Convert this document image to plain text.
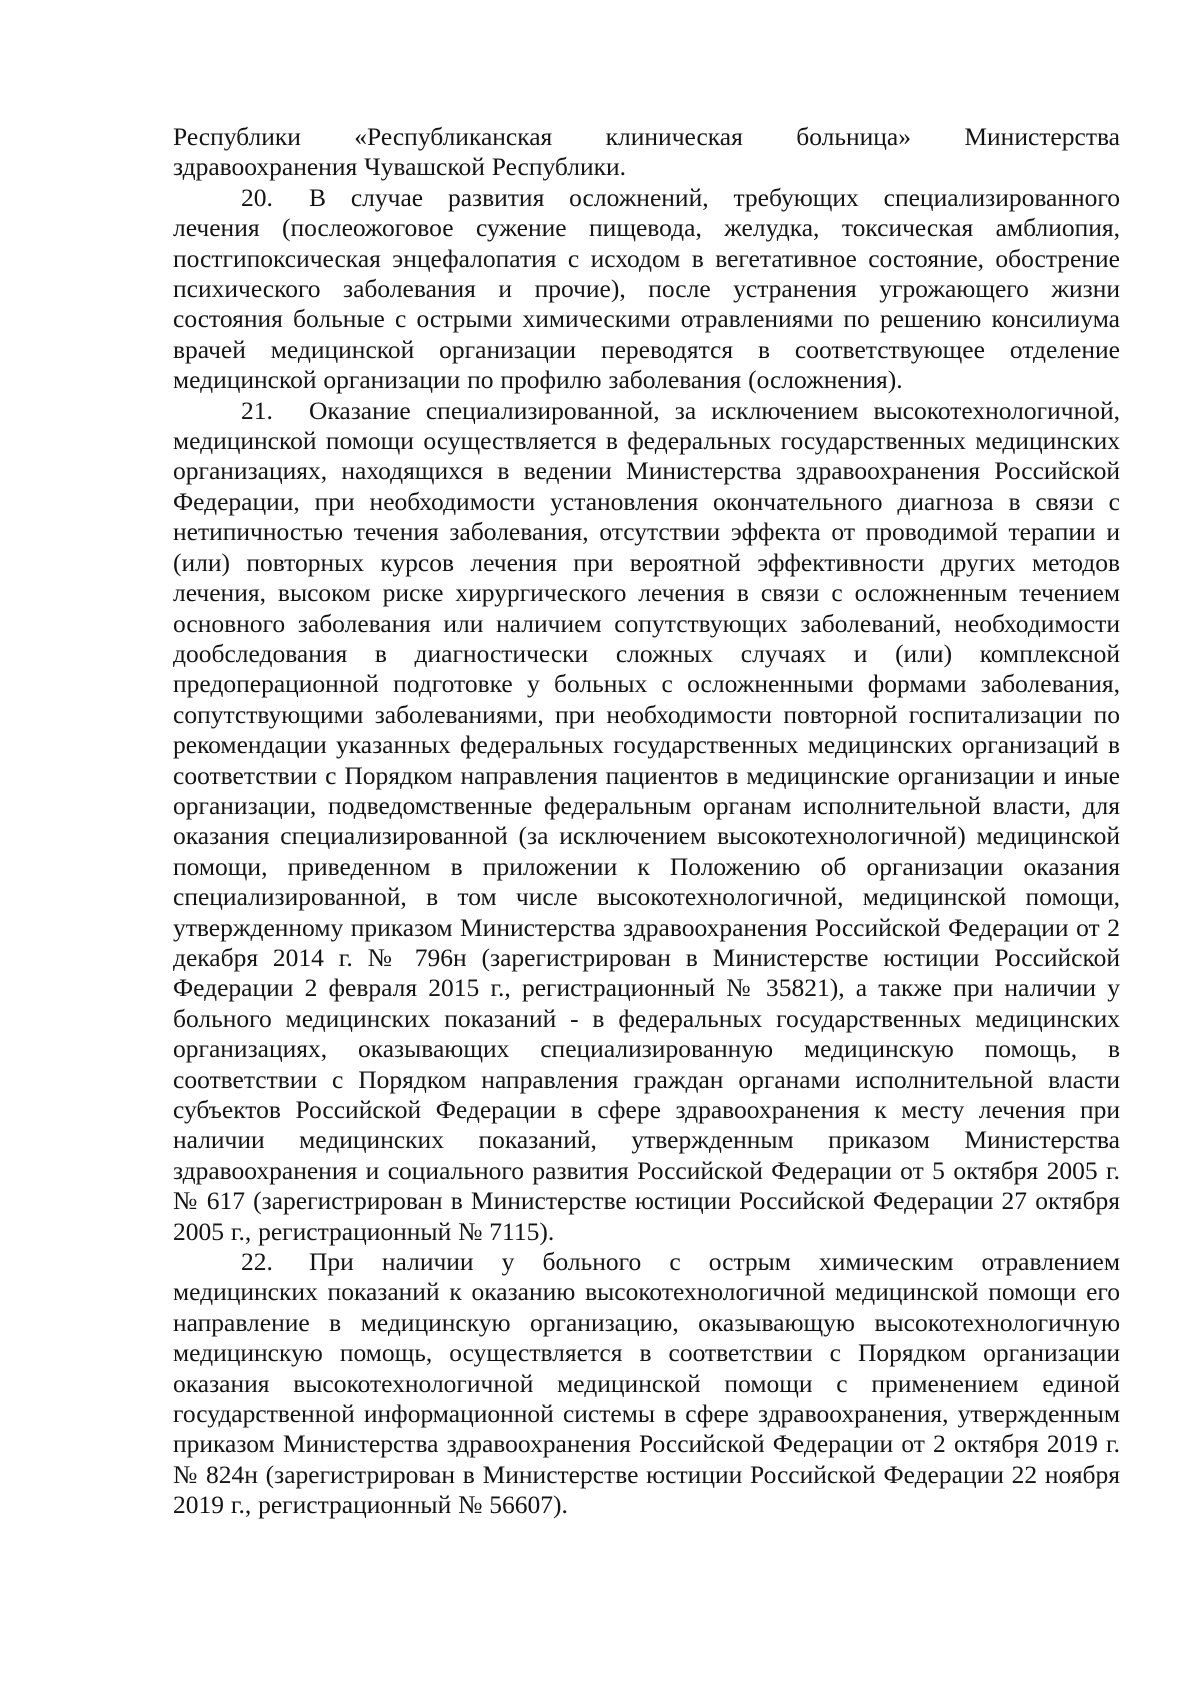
Республики «Республиканская клиническая больница» Министерства здравоохранения Чувашской Республики.

20. В случае развития осложнений, требующих специализированного лечения (послеожоговое сужение пищевода, желудка, токсическая амблиопия, постгипоксическая энцефалопатия с исходом в вегетативное состояние, обострение психического заболевания и прочие), после устранения угрожающего жизни состояния больные с острыми химическими отравлениями по решению консилиума врачей медицинской организации переводятся в соответствующее отделение медицинской организации по профилю заболевания (осложнения).

21. Оказание специализированной, за исключением высокотехнологичной, медицинской помощи осуществляется в федеральных государственных медицинских организациях, находящихся в ведении Министерства здравоохранения Российской Федерации, при необходимости установления окончательного диагноза в связи с нетипичностью течения заболевания, отсутствии эффекта от проводимой терапии и (или) повторных курсов лечения при вероятной эффективности других методов лечения, высоком риске хирургического лечения в связи с осложненным течением основного заболевания или наличием сопутствующих заболеваний, необходимости дообследования в диагностически сложных случаях и (или) комплексной предоперационной подготовке у больных с осложненными формами заболевания, сопутствующими заболеваниями, при необходимости повторной госпитализации по рекомендации указанных федеральных государственных медицинских организаций в соответствии с Порядком направления пациентов в медицинские организации и иные организации, подведомственные федеральным органам исполнительной власти, для оказания специализированной (за исключением высокотехнологичной) медицинской помощи, приведенном в приложении к Положению об организации оказания специализированной, в том числе высокотехнологичной, медицинской помощи, утвержденному приказом Министерства здравоохранения Российской Федерации от 2 декабря 2014 г. № 796н (зарегистрирован в Министерстве юстиции Российской Федерации 2 февраля 2015 г., регистрационный № 35821), а также при наличии у больного медицинских показаний - в федеральных государственных медицинских организациях, оказывающих специализированную медицинскую помощь, в соответствии с Порядком направления граждан органами исполнительной власти субъектов Российской Федерации в сфере здравоохранения к месту лечения при наличии медицинских показаний, утвержденным приказом Министерства здравоохранения и социального развития Российской Федерации от 5 октября 2005 г. № 617 (зарегистрирован в Министерстве юстиции Российской Федерации 27 октября 2005 г., регистрационный № 7115).

22. При наличии у больного с острым химическим отравлением медицинских показаний к оказанию высокотехнологичной медицинской помощи его направление в медицинскую организацию, оказывающую высокотехнологичную медицинскую помощь, осуществляется в соответствии с Порядком организации оказания высокотехнологичной медицинской помощи с применением единой государственной информационной системы в сфере здравоохранения, утвержденным приказом Министерства здравоохранения Российской Федерации от 2 октября 2019 г. № 824н (зарегистрирован в Министерстве юстиции Российской Федерации 22 ноября 2019 г., регистрационный № 56607).
